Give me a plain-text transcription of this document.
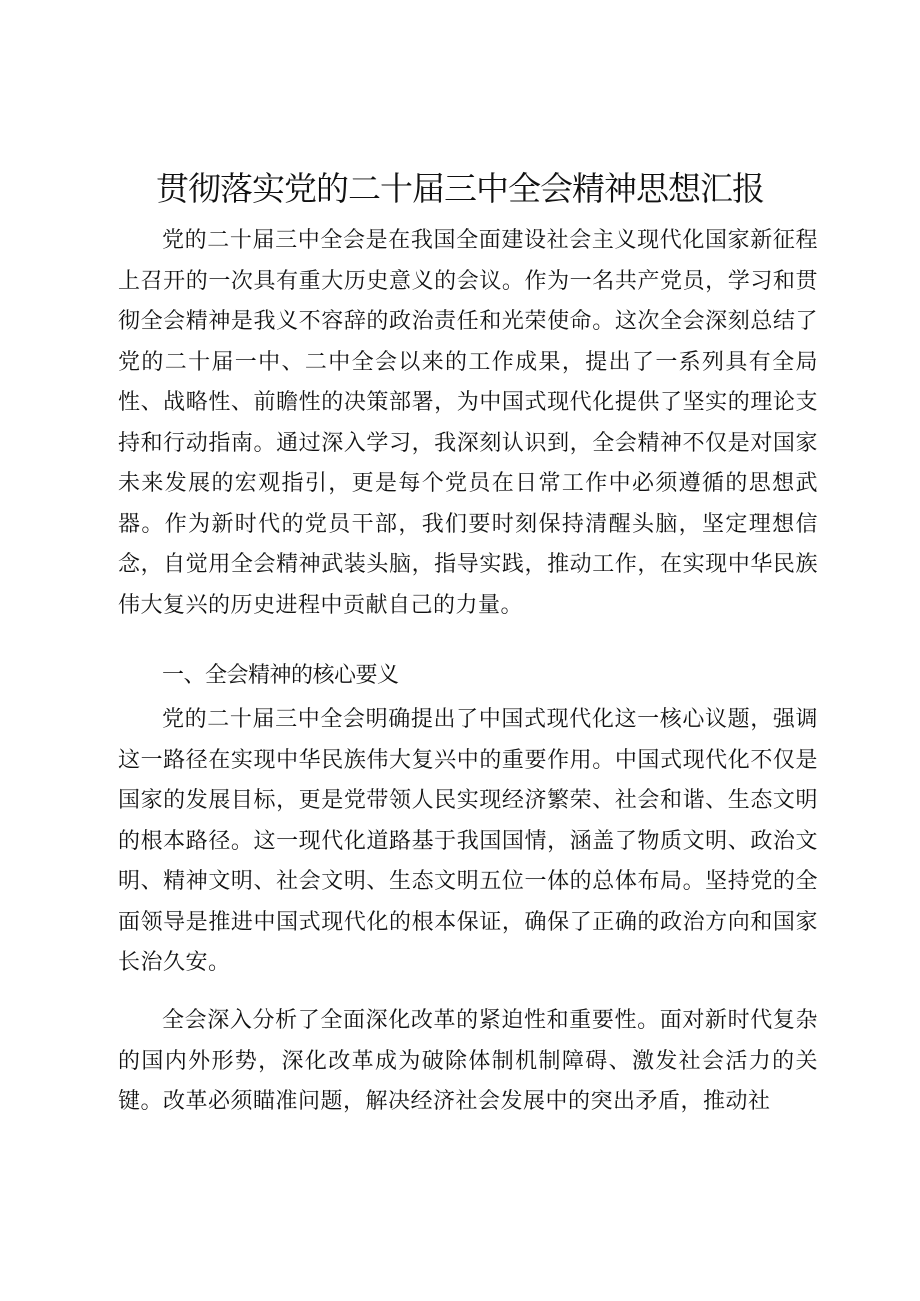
贯彻落实党的二十届三中全会精神思想汇报

党的二十届三中全会是在我国全面建设社会主义现代化国家新征程上召开的一次具有重大历史意义的会议。作为一名共产党员，学习和贯彻全会精神是我义不容辞的政治责任和光荣使命。这次全会深刻总结了党的二十届一中、二中全会以来的工作成果，提出了一系列具有全局性、战略性、前瞻性的决策部署，为中国式现代化提供了坚实的理论支持和行动指南。通过深入学习，我深刻认识到，全会精神不仅是对国家未来发展的宏观指引，更是每个党员在日常工作中必须遵循的思想武器。作为新时代的党员干部，我们要时刻保持清醒头脑，坚定理想信念，自觉用全会精神武装头脑，指导实践，推动工作，在实现中华民族伟大复兴的历史进程中贡献自己的力量。

一、全会精神的核心要义

党的二十届三中全会明确提出了中国式现代化这一核心议题，强调这一路径在实现中华民族伟大复兴中的重要作用。中国式现代化不仅是国家的发展目标，更是党带领人民实现经济繁荣、社会和谐、生态文明的根本路径。这一现代化道路基于我国国情，涵盖了物质文明、政治文明、精神文明、社会文明、生态文明五位一体的总体布局。坚持党的全面领导是推进中国式现代化的根本保证，确保了正确的政治方向和国家长治久安。

全会深入分析了全面深化改革的紧迫性和重要性。面对新时代复杂的国内外形势，深化改革成为破除体制机制障碍、激发社会活力的关键。改革必须瞄准问题，解决经济社会发展中的突出矛盾，推动社
